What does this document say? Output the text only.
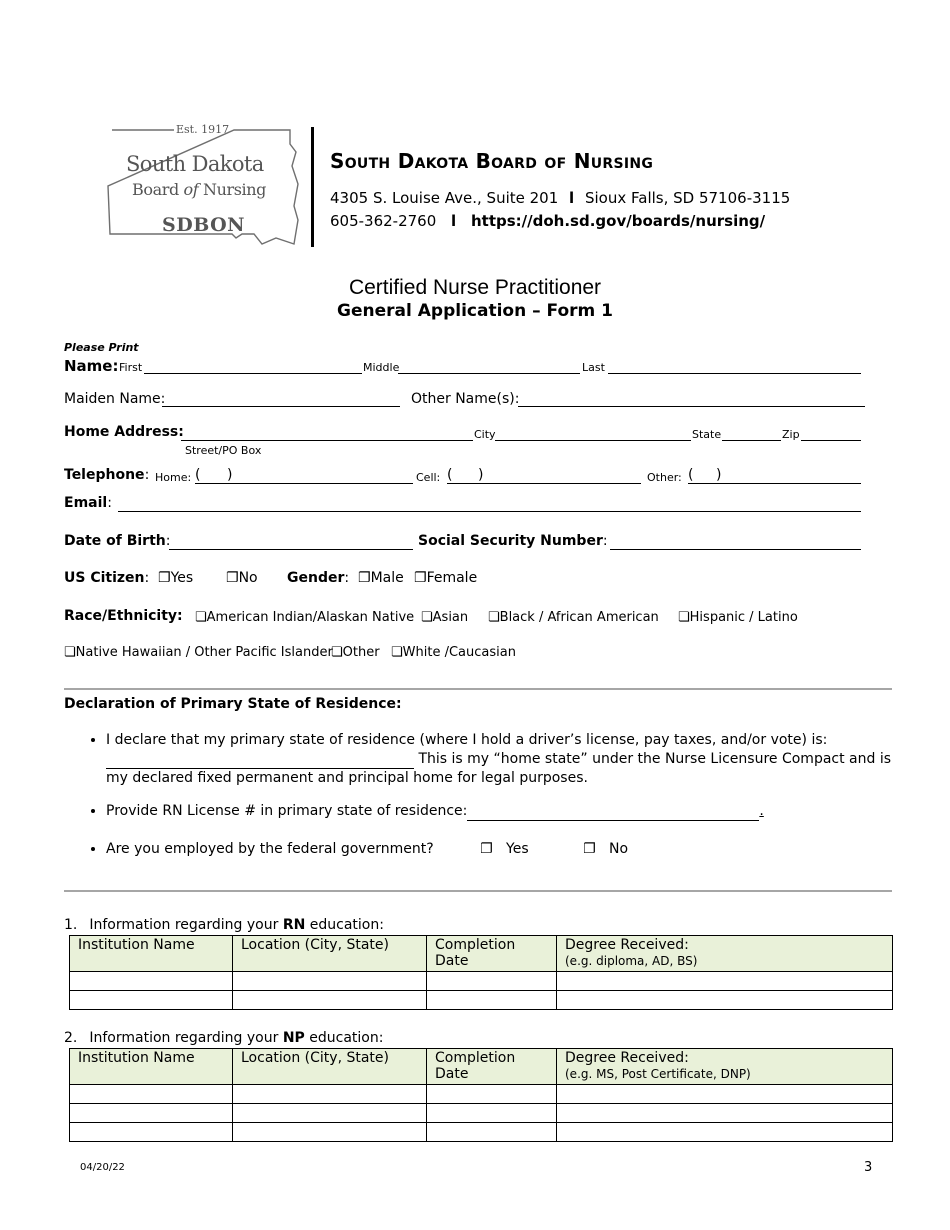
Est. 1917
South Dakota
Board of Nursing
SDBON
South Dakota Board of Nursing
4305 S. Louise Ave., Suite 201 l Sioux Falls, SD 57106-3115
605-362-2760 l https://doh.sd.gov/boards/nursing/
Certified Nurse Practitioner
General Application – Form 1
Please Print
Name: First	Middle	Last
Maiden Name:	Other Name(s):
Home Address:	City	State	Zip
Street/PO Box
Telephone: Home: ( )	Cell: ( )	Other: ( )
Email:
Date of Birth:	Social Security Number:
US Citizen: ❐Yes ❐No Gender: ❐Male ❐Female
Race/Ethnicity: ❏American Indian/Alaskan Native ❏Asian ❏Black / African American ❏Hispanic / Latino
❏Native Hawaiian / Other Pacific Islander
❏Other ❏White /Caucasian
Declaration of Primary State of Residence:
• I declare that my primary state of residence (where I hold a driver’s license, pay taxes, and/or vote) is:
This is my “home state” under the Nurse Licensure Compact and is
my declared fixed permanent and principal home for legal purposes.
• Provide RN License # in primary state of residence:	.
• Are you employed by the federal government?	❐ Yes	❐ No
1. Information regarding your RN education:
Institution Name	Location (City, State)	Completion Date	Degree Received:
(e.g. diploma, AD, BS)

2. Information regarding your NP education:
Institution Name	Location (City, State)	Completion Date	Degree Received:
(e.g. MS, Post Certificate, DNP)

04/20/22	3
